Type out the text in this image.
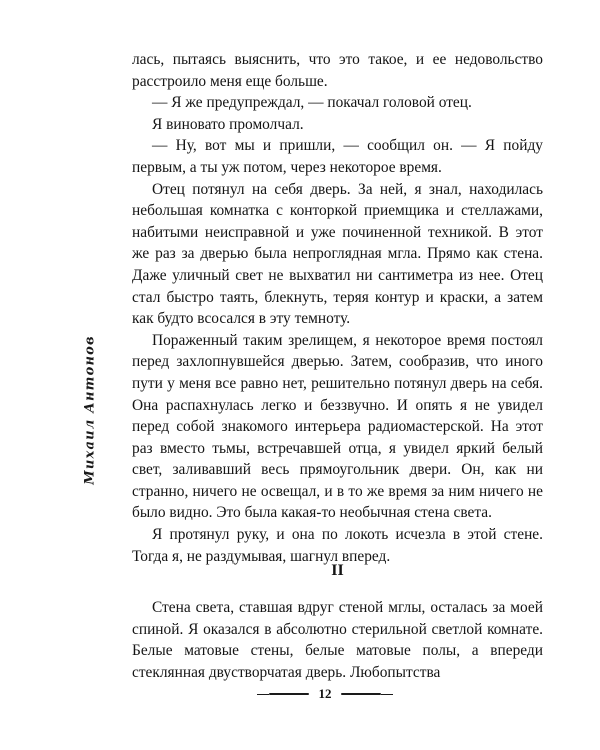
Михаил Антонов

лась, пытаясь выяснить, что это такое, и ее недовольство расстроило меня еще больше.

— Я же предупреждал, — покачал головой отец.

Я виновато промолчал.

— Ну, вот мы и пришли, — сообщил он. — Я пойду первым, а ты уж потом, через некоторое время.

Отец потянул на себя дверь. За ней, я знал, находилась небольшая комнатка с конторкой приемщика и стеллажами, набитыми неисправной и уже починенной техникой. В этот же раз за дверью была непроглядная мгла. Прямо как стена. Даже уличный свет не выхватил ни сантиметра из нее. Отец стал быстро таять, блекнуть, теряя контур и краски, а затем как будто всосался в эту темноту.

Пораженный таким зрелищем, я некоторое время постоял перед захлопнувшейся дверью. Затем, сообразив, что иного пути у меня все равно нет, решительно потянул дверь на себя. Она распахнулась легко и беззвучно. И опять я не увидел перед собой знакомого интерьера радиомастерской. На этот раз вместо тьмы, встречавшей отца, я увидел яркий белый свет, заливавший весь прямоугольник двери. Он, как ни странно, ничего не освещал, и в то же время за ним ничего не было видно. Это была какая-то необычная стена света.

Я протянул руку, и она по локоть исчезла в этой стене. Тогда я, не раздумывая, шагнул вперед.

II

Стена света, ставшая вдруг стеной мглы, осталась за моей спиной. Я оказался в абсолютно стерильной светлой комнате. Белые матовые стены, белые матовые полы, а впереди стеклянная двустворчатая дверь. Любопытства

12
